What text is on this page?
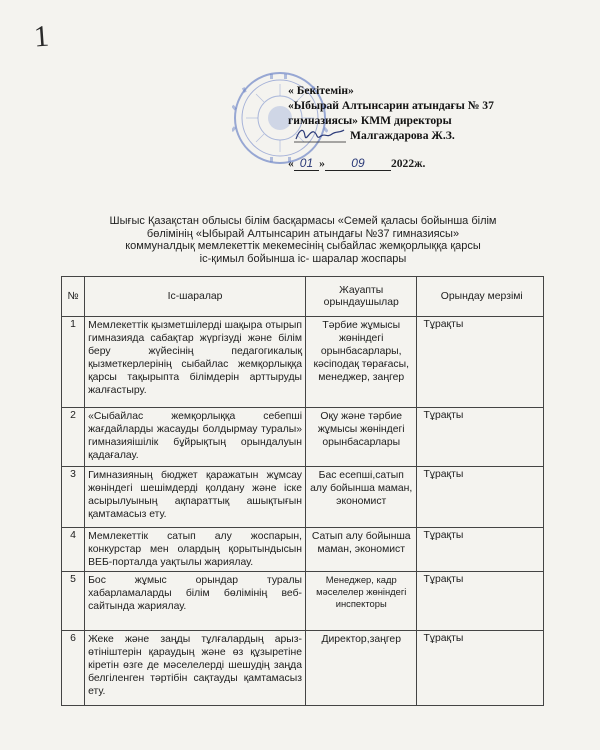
1
« Бекітемін»
«Ыбырай Алтынсарин атындағы № 37
гимназиясы» КММ директоры
Малгаждарова Ж.З.
« 01 » 09 2022ж.
Шығыс Қазақстан облысы білім басқармасы «Семей қаласы бойынша білім
бөлімінің «Ыбырай Алтынсарин атындағы №37 гимназиясы»
коммуналдық мемлекеттік мекемесінің сыбайлас жемқорлыққа қарсы
іс-қимыл бойынша іс- шаралар жоспары
№	Іс-шаралар	Жауапты орындаушылар	Орындау мерзімі
1	Мемлекеттік қызметшілерді шақыра отырып гимназияда сабақтар жүргізуді және білім беру жүйесінің педагогикалық қызметкерлерінің сыбайлас жемқорлыққа қарсы тақырыпта білімдерін арттыруды жалғастыру.	Тәрбие жұмысы жөніндегі орынбасарлары, кәсіподақ төрағасы, менеджер, заңгер	Тұрақты
2	«Сыбайлас жемқорлыққа себепші жағдайларды жасауды болдырмау туралы» гимназияішілік бұйрықтың орындалуын қадағалау.	Оқу және тәрбие жұмысы жөніндегі орынбасарлары	Тұрақты
3	Гимназияның бюджет қаражатын жұмсау жөніндегі шешімдерді қолдану және іске асырылуының ақпараттық ашықтығын қамтамасыз ету.	Бас есепші,сатып алу бойынша маман, экономист	Тұрақты
4	Мемлекеттік сатып алу жоспарын, конкурстар мен олардың қорытындысын ВЕБ-порталда уақтылы жариялау.	Сатып алу бойынша маман, экономист	Тұрақты
5	Бос жұмыс орындар туралы хабарламаларды білім бөлімінің веб-сайтында жариялау.	Менеджер, кадр мәселелер жөніндегі инспекторы	Тұрақты
6	Жеке және заңды тұлғалардың арыз-өтініштерін қараудың және өз құзыретіне кіретін өзге де мәселелерді шешудің заңда белгіленген тәртібін сақтауды қамтамасыз ету.	Директор,заңгер	Тұрақты
